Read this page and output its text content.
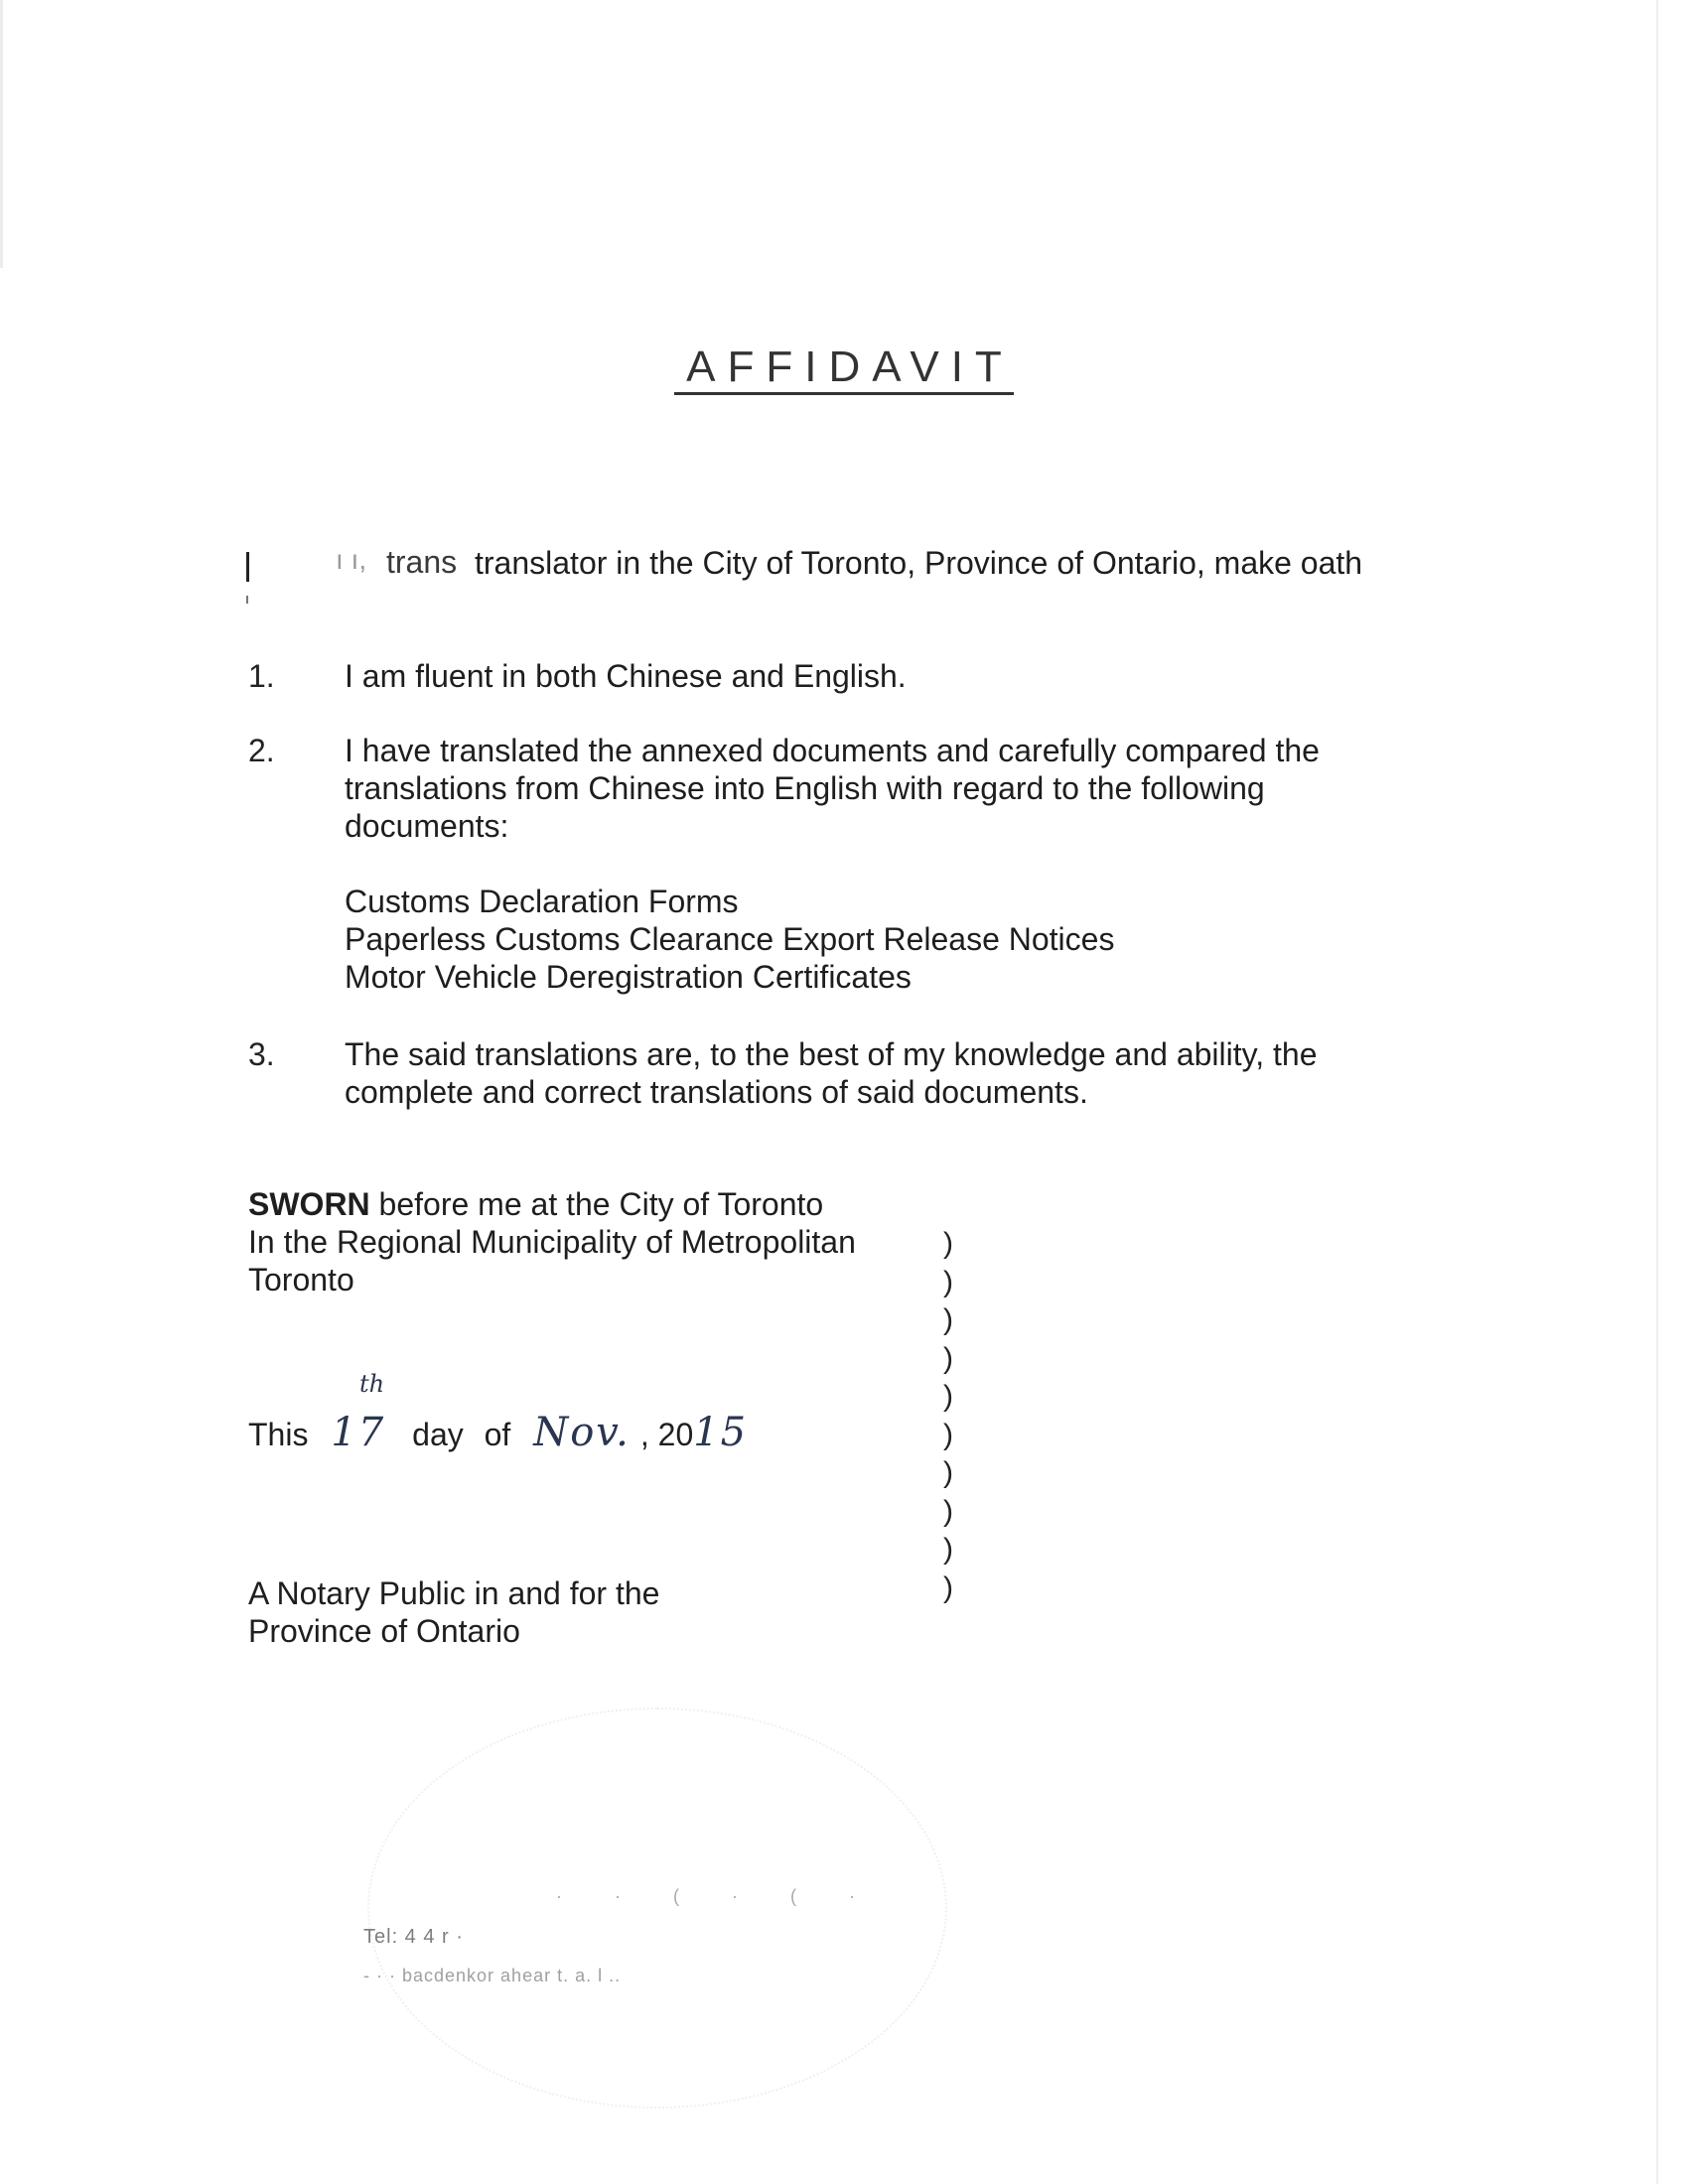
AFFIDAVIT
ı ı, trans translator in the City of Toronto, Province of Ontario, make oath
1. I am fluent in both Chinese and English.
2. I have translated the annexed documents and carefully compared the translations from Chinese into English with regard to the following documents:
Customs Declaration Forms
Paperless Customs Clearance Export Release Notices
Motor Vehicle Deregistration Certificates
3. The said translations are, to the best of my knowledge and ability, the complete and correct translations of said documents.
SWORN before me at the City of Toronto
In the Regional Municipality of Metropolitan
Toronto
)
)
)
)
)
)
)
)
)
)
th
This 17 day of Nov. , 2015
A Notary Public in and for the
Province of Ontario
· · ( · ( ·
Tel: 4 4 r ·
- · · bacdenkor ahear t. a. l ..
